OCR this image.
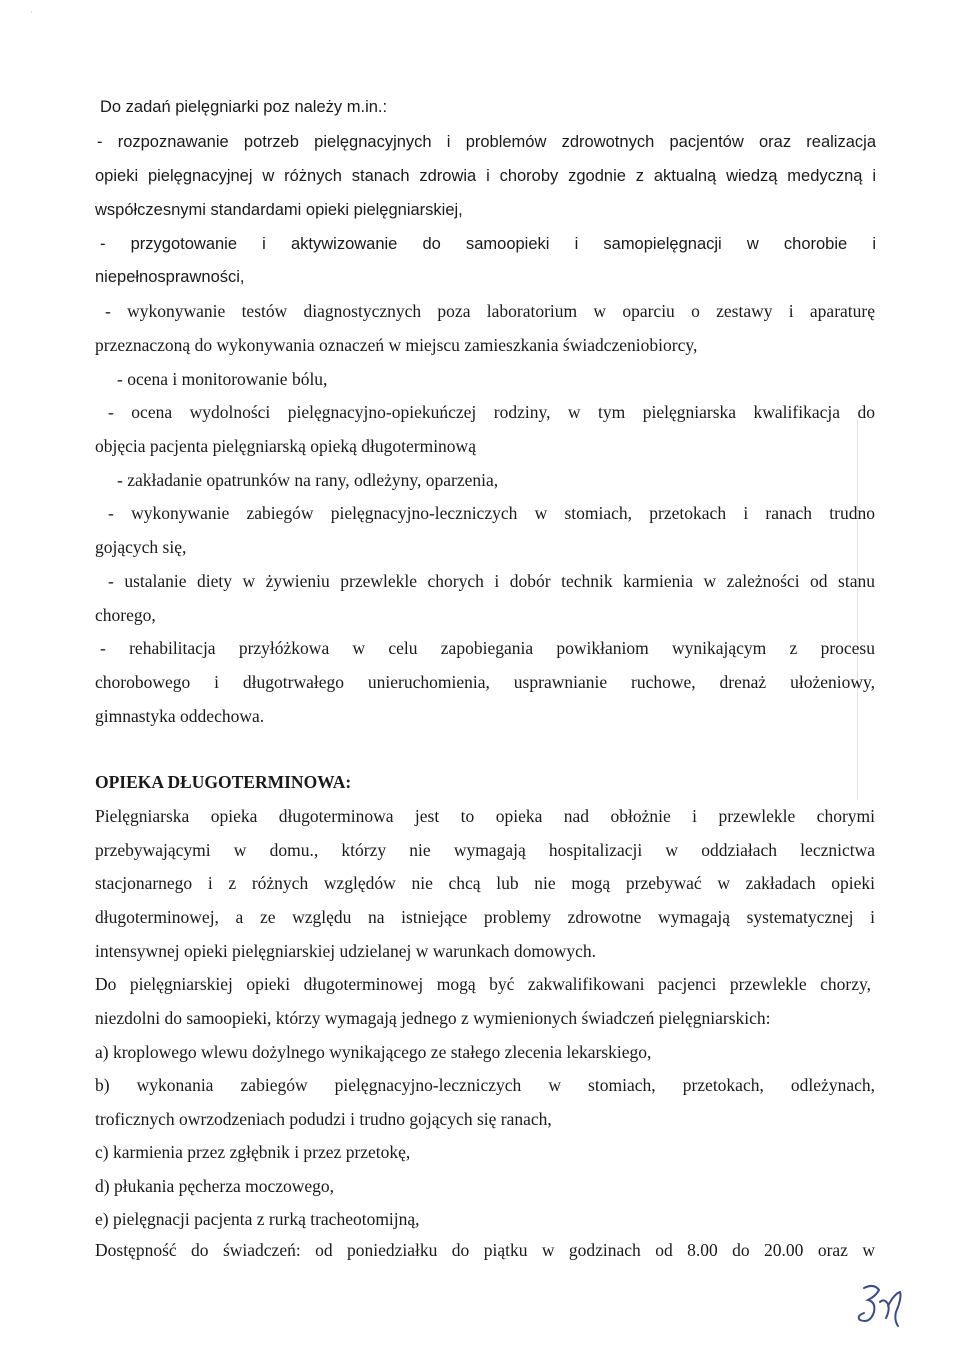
·
Do zadań pielęgniarki poz należy m.in.:
- rozpoznawanie potrzeb pielęgnacyjnych i problemów zdrowotnych pacjentów oraz realizacja
opieki pielęgnacyjnej w różnych stanach zdrowia i choroby zgodnie z aktualną wiedzą medyczną i
współczesnymi standardami opieki pielęgniarskiej,
- przygotowanie i aktywizowanie do samoopieki i samopielęgnacji w chorobie i
niepełnosprawności,
- wykonywanie testów diagnostycznych poza laboratorium w oparciu o zestawy i aparaturę
przeznaczoną do wykonywania oznaczeń w miejscu zamieszkania świadczeniobiorcy,
- ocena i monitorowanie bólu,
- ocena wydolności pielęgnacyjno-opiekuńczej rodziny, w tym pielęgniarska kwalifikacja do
objęcia pacjenta pielęgniarską opieką długoterminową
- zakładanie opatrunków na rany, odleżyny, oparzenia,
- wykonywanie zabiegów pielęgnacyjno-leczniczych w stomiach, przetokach i ranach trudno
gojących się,
- ustalanie diety w żywieniu przewlekle chorych i dobór technik karmienia w zależności od stanu
chorego,
- rehabilitacja przyłóżkowa w celu zapobiegania powikłaniom wynikającym z procesu
chorobowego i długotrwałego unieruchomienia, usprawnianie ruchowe, drenaż ułożeniowy,
gimnastyka oddechowa.
OPIEKA DŁUGOTERMINOWA:
Pielęgniarska opieka długoterminowa jest to opieka nad obłożnie i przewlekle chorymi
przebywającymi w domu., którzy nie wymagają hospitalizacji w oddziałach lecznictwa
stacjonarnego i z różnych względów nie chcą lub nie mogą przebywać w zakładach opieki
długoterminowej, a ze względu na istniejące problemy zdrowotne wymagają systematycznej i
intensywnej opieki pielęgniarskiej udzielanej w warunkach domowych.
Do pielęgniarskiej opieki długoterminowej mogą być zakwalifikowani pacjenci przewlekle chorzy,
niezdolni do samoopieki, którzy wymagają jednego z wymienionych świadczeń pielęgniarskich:
a) kroplowego wlewu dożylnego wynikającego ze stałego zlecenia lekarskiego,
b) wykonania zabiegów pielęgnacyjno-leczniczych w stomiach, przetokach, odleżynach,
troficznych owrzodzeniach podudzi i trudno gojących się ranach,
c) karmienia przez zgłębnik i przez przetokę,
d) płukania pęcherza moczowego,
e) pielęgnacji pacjenta z rurką tracheotomijną,
Dostępność do świadczeń: od poniedziałku do piątku w godzinach od 8.00 do 20.00 oraz w
